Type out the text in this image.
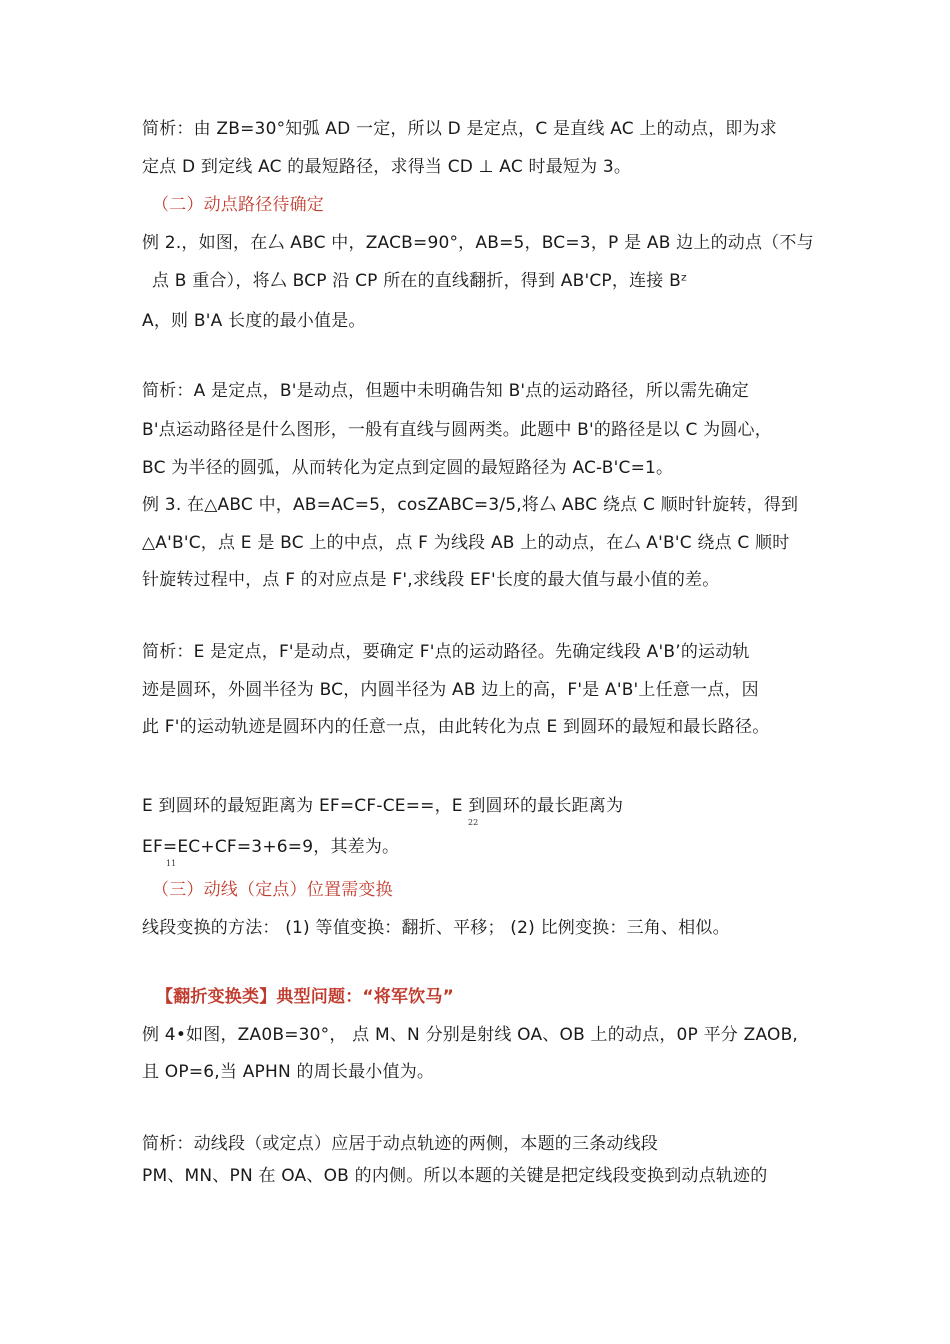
简析：由 ZB=30°知弧 AD 一定，所以 D 是定点，C 是直线 AC 上的动点，即为求
定点 D 到定线 AC 的最短路径，求得当 CD ⊥ AC 时最短为 3。
（二）动点路径待确定
例 2.，如图，在厶 ABC 中，ZACB=90°，AB=5，BC=3，P 是 AB 边上的动点（不与
点 B 重合），将厶 BCP 沿 CP 所在的直线翻折，得到 AB'CP，连接 Bᶻ
A，则 B'A 长度的最小值是。
简析：A 是定点，B'是动点，但题中未明确告知 B'点的运动路径，所以需先确定
B'点运动路径是什么图形，一般有直线与圆两类。此题中 B'的路径是以 C 为圆心，
BC 为半径的圆弧，从而转化为定点到定圆的最短路径为 AC-B'C=1。
例 3. 在△ABC 中，AB=AC=5，cosZABC=3/5,将厶 ABC 绕点 C 顺时针旋转，得到
△A'B'C，点 E 是 BC 上的中点，点 F 为线段 AB 上的动点，在厶 A'B'C 绕点 C 顺时
针旋转过程中，点 F 的对应点是 F',求线段 EF'长度的最大值与最小值的差。
简析：E 是定点，F'是动点，要确定 F'点的运动路径。先确定线段 A'B’的运动轨
迹是圆环，外圆半径为 BC，内圆半径为 AB 边上的高，F'是 A'B'上任意一点，因
此 F'的运动轨迹是圆环内的任意一点，由此转化为点 E 到圆环的最短和最长路径。
E 到圆环的最短距离为 EF=CF-CE==，E 到圆环的最长距离为
22
EF=EC+CF=3+6=9，其差为。
11
（三）动线（定点）位置需变换
线段变换的方法： (1) 等值变换：翻折、平移； (2) 比例变换：三角、相似。
【翻折变换类】典型问题：“将军饮马”
例 4•如图，ZA0B=30°， 点 M、N 分别是射线 OA、OB 上的动点，0P 平分 ZAOB,
且 OP=6,当 APHN 的周长最小值为。
简析：动线段（或定点）应居于动点轨迹的两侧，本题的三条动线段
PM、MN、PN 在 OA、OB 的内侧。所以本题的关键是把定线段变换到动点轨迹的
